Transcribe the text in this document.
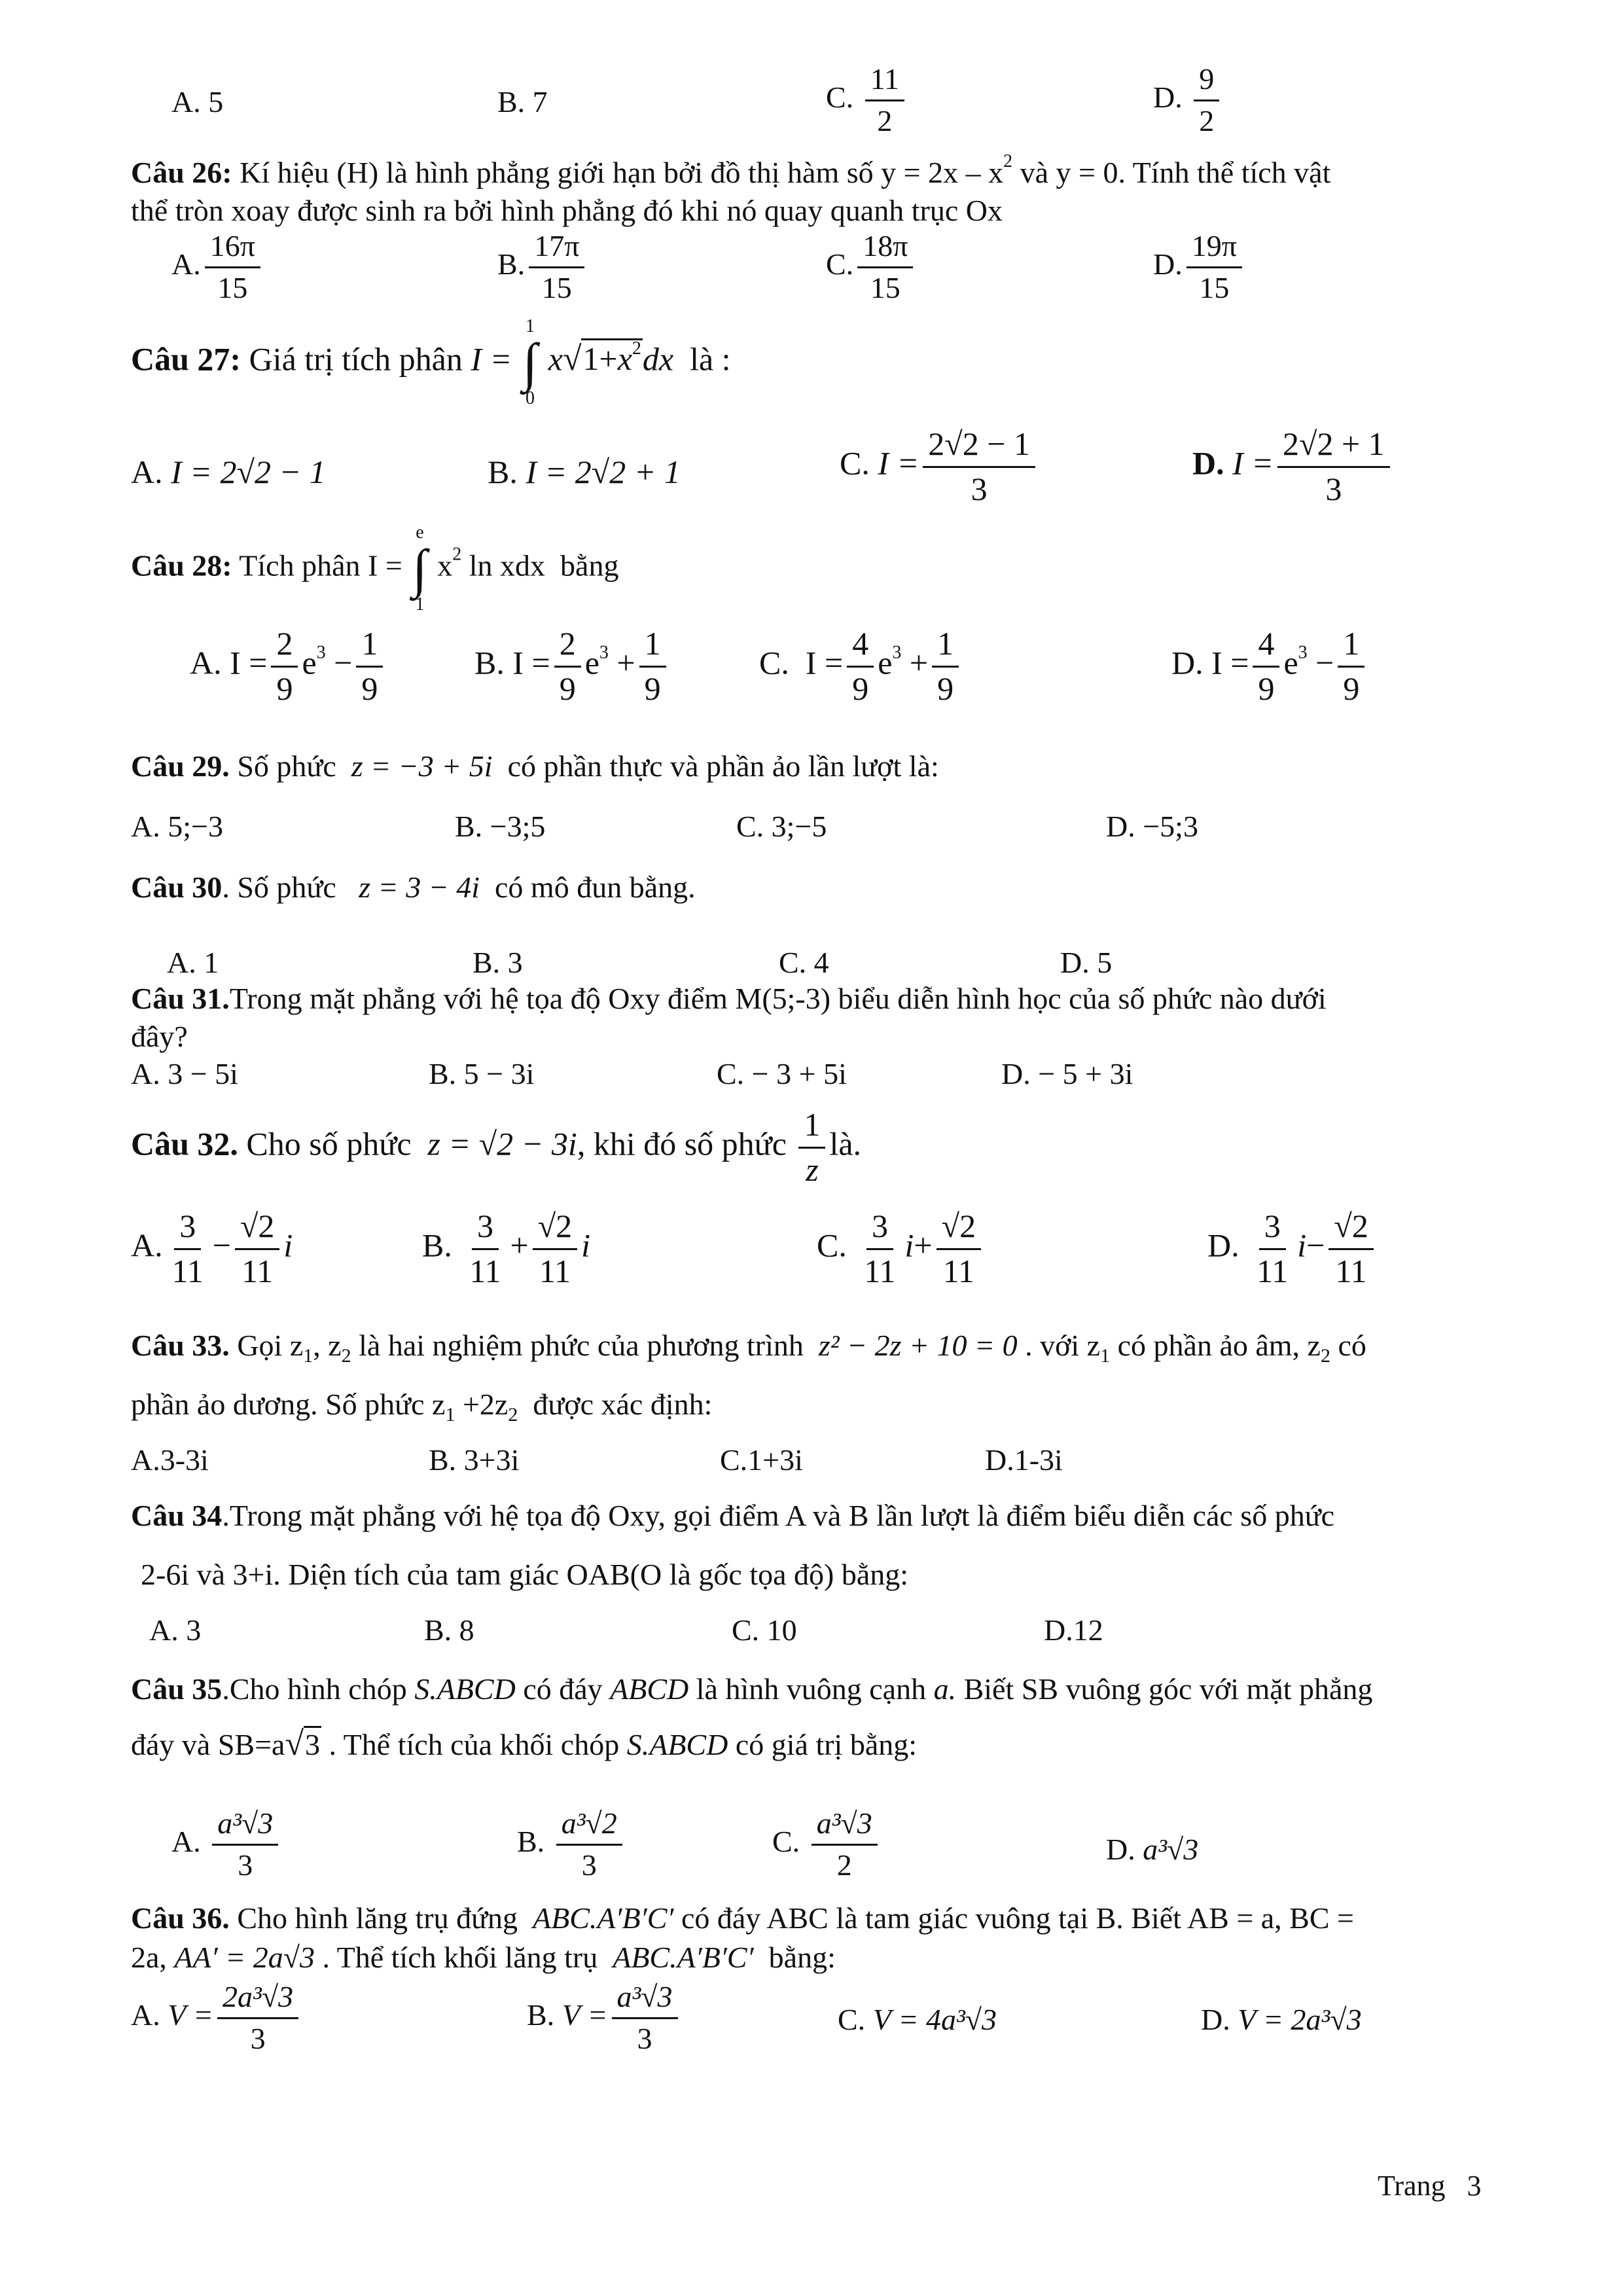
A. 5	B. 7	C. $\frac{11}{2}$	D. $\frac{9}{2}$
Câu 26: Kí hiệu (H) là hình phẳng giới hạn bởi đồ thị hàm số $y = 2x - x^2$ và y = 0. Tính thể tích vật
thể tròn xoay được sinh ra bởi hình phẳng đó khi nó quay quanh trục Ox
A. $\frac{16\pi}{15}$	B. $\frac{17\pi}{15}$	C. $\frac{18\pi}{15}$	D. $\frac{19\pi}{15}$
Câu 27: Giá trị tích phân I =
1
∫
0
$x√1+x^2dx$ là :
A. I = 2√2 − 1	B. I = 2√2 + 1	C. $I = \frac{2√2 - 1}{3}$	D. $I = \frac{2√2 + 1}{3}$
Câu 28: Tích phân I =
e
∫
1
$x^2$ ln xdx bằng
A. $I = \frac{2}{9} e^3 - \frac{1}{9}$	B. $I = \frac{2}{9} e^3 + \frac{1}{9}$	C.  $I = \frac{4}{9} e^3 + \frac{1}{9}$	D. $I = \frac{4}{9} e^3 - \frac{1}{9}$
Câu 29. Số phức z = −3 + 5i có phần thực và phần ảo lần lượt là:
A. 5;−3	B. −3;5	C. 3;−5	D. −5;3
Câu 30. Số phức z = 3 − 4i có mô đun bằng.
A. 1	B. 3	C. 4	D. 5
Câu 31.Trong mặt phẳng với hệ tọa độ Oxy điểm M(5;-3) biểu diễn hình học của số phức nào dưới
đây?
A. 3 − 5i	B. 5 − 3i	C. − 3 + 5i	D. − 5 + 3i
Câu 32. Cho số phức z = √2 − 3i, khi đó số phức $\frac{1}{z}$ là.
A. $\frac{3}{11} - \frac{√2}{11}$ i	B. $\frac{3}{11} + \frac{√2}{11}$ i	C. $\frac{3}{11} i+ \frac{√2}{11}$	D. $\frac{3}{11} i- \frac{√2}{11}$
Câu 33. Gọi $z_1$, $z_2$ là hai nghiệm phức của phương trình z² − 2z + 10 = 0 . với $z_1$ có phần ảo âm, $z_2$ có
phần ảo dương. Số phức $z_1 +2z_2$ được xác định:
A.3-3i	B. 3+3i	C.1+3i	D.1-3i
Câu 34.Trong mặt phẳng với hệ tọa độ Oxy, gọi điểm A và B lần lượt là điểm biểu diễn các số phức
2-6i và 3+i. Diện tích của tam giác OAB(O là gốc tọa độ) bằng:
A. 3	B. 8	C. 10	D.12
Câu 35.Cho hình chóp S.ABCD có đáy ABCD là hình vuông cạnh a. Biết SB vuông góc với mặt phẳng
đáy và SB=a√3 . Thể tích của khối chóp S.ABCD có giá trị bằng:
A. $\frac{\text{a³√3}}{3}$	B. $\frac{\text{a³√2}}{3}$	C. $\frac{\text{a³√3}}{2}$	D. a³√3
Câu 36. Cho hình lăng trụ đứng ABC.A′B′C′ có đáy ABC là tam giác vuông tại B. Biết AB = a, BC =
2a, AA′ = 2a√3 . Thể tích khối lăng trụ ABC.A′B′C′ bằng:
A. $V = \frac{\text{2a³√3}}{3}$	B. $V = \frac{\text{a³√3}}{3}$	C. V = 4a³√3	D. V = 2a³√3
Trang 3
